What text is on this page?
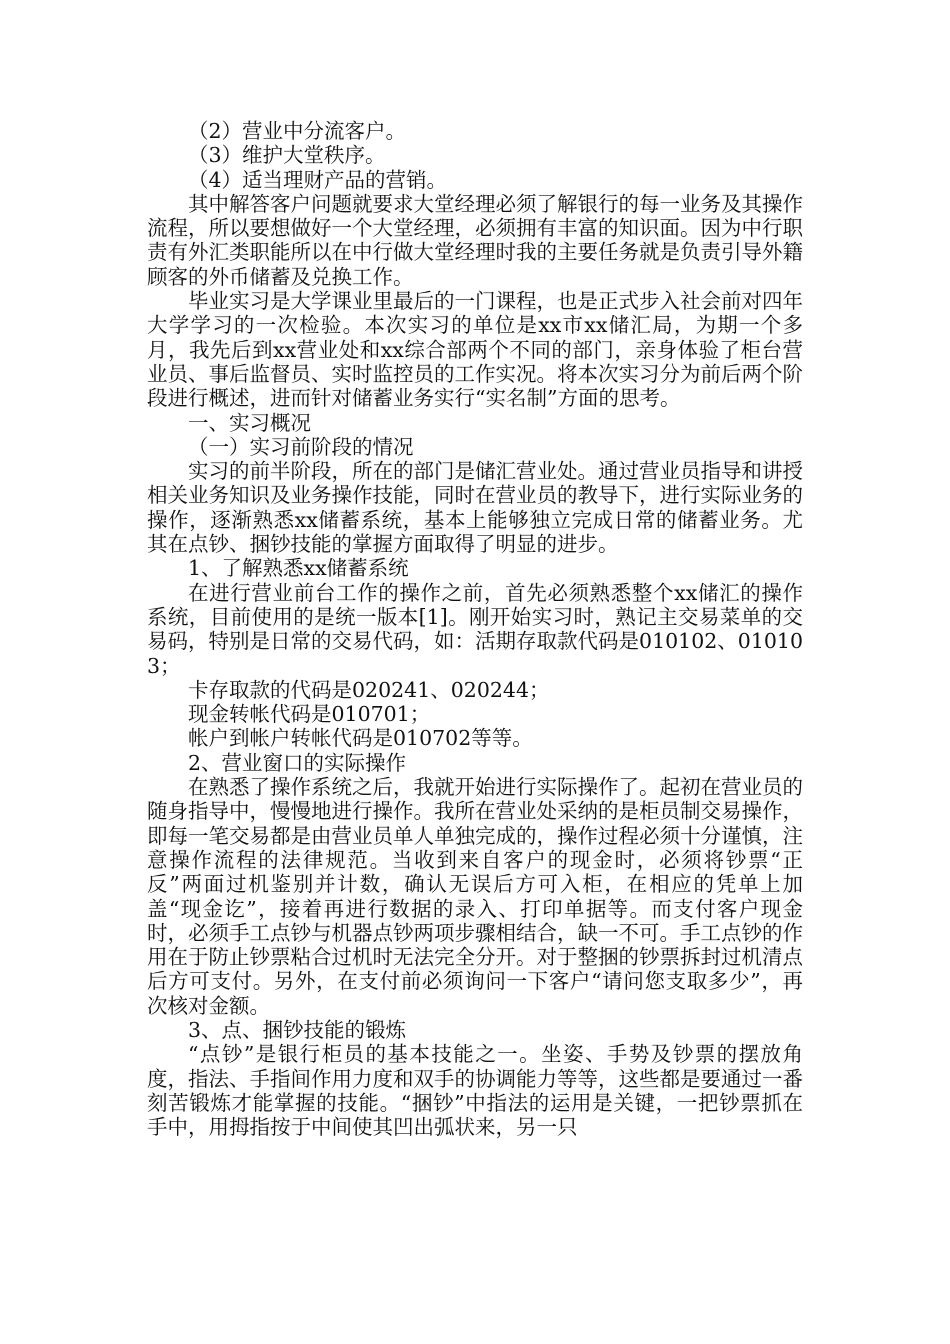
（2）营业中分流客户。

（3）维护大堂秩序。

（4）适当理财产品的营销。

其中解答客户问题就要求大堂经理必须了解银行的每一业务及其操作流程，所以要想做好一个大堂经理，必须拥有丰富的知识面。因为中行职责有外汇类职能所以在中行做大堂经理时我的主要任务就是负责引导外籍顾客的外币储蓄及兑换工作。

毕业实习是大学课业里最后的一门课程，也是正式步入社会前对四年大学学习的一次检验。本次实习的单位是xx市xx储汇局，为期一个多月，我先后到xx营业处和xx综合部两个不同的部门，亲身体验了柜台营业员、事后监督员、实时监控员的工作实况。将本次实习分为前后两个阶段进行概述，进而针对储蓄业务实行“实名制”方面的思考。

一、实习概况

（一）实习前阶段的情况

实习的前半阶段，所在的部门是储汇营业处。通过营业员指导和讲授相关业务知识及业务操作技能，同时在营业员的教导下，进行实际业务的操作，逐渐熟悉xx储蓄系统，基本上能够独立完成日常的储蓄业务。尤其在点钞、捆钞技能的掌握方面取得了明显的进步。

1、了解熟悉xx储蓄系统

在进行营业前台工作的操作之前，首先必须熟悉整个xx储汇的操作系统，目前使用的是统一版本[1]。刚开始实习时，熟记主交易菜单的交易码，特别是日常的交易代码，如：活期存取款代码是010102、010103；

卡存取款的代码是020241、020244；

现金转帐代码是010701；

帐户到帐户转帐代码是010702等等。

2、营业窗口的实际操作

在熟悉了操作系统之后，我就开始进行实际操作了。起初在营业员的随身指导中，慢慢地进行操作。我所在营业处采纳的是柜员制交易操作，即每一笔交易都是由营业员单人单独完成的，操作过程必须十分谨慎，注意操作流程的法律规范。当收到来自客户的现金时，必须将钞票“正反”两面过机鉴别并计数，确认无误后方可入柜，在相应的凭单上加盖“现金讫”，接着再进行数据的录入、打印单据等。而支付客户现金时，必须手工点钞与机器点钞两项步骤相结合，缺一不可。手工点钞的作用在于防止钞票粘合过机时无法完全分开。对于整捆的钞票拆封过机清点后方可支付。另外，在支付前必须询问一下客户“请问您支取多少”，再次核对金额。

3、点、捆钞技能的锻炼

“点钞”是银行柜员的基本技能之一。坐姿、手势及钞票的摆放角度，指法、手指间作用力度和双手的协调能力等等，这些都是要通过一番刻苦锻炼才能掌握的技能。“捆钞”中指法的运用是关键，一把钞票抓在手中，用拇指按于中间使其凹出弧状来，另一只
